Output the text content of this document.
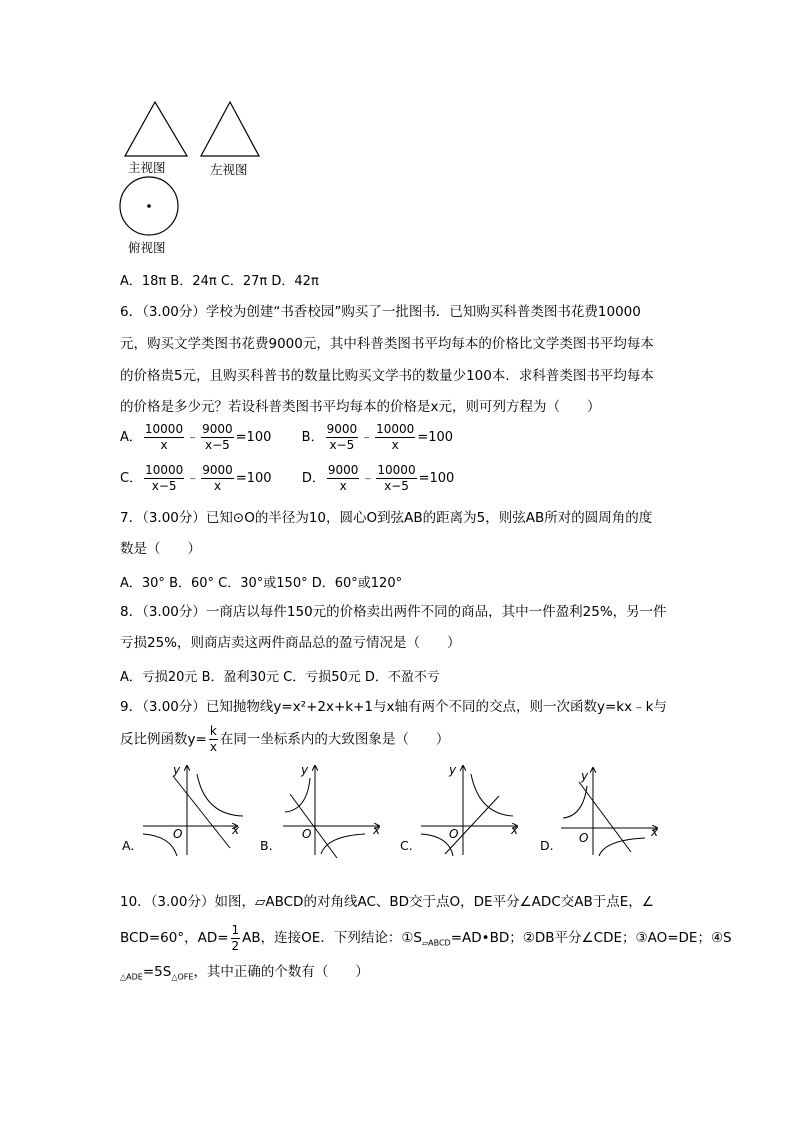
主视图	左视图
俯视图
A．18π B．24π C．27π D．42π
6．（3.00分）学校为创建“书香校园”购买了一批图书．已知购买科普类图书花费10000
元，购买文学类图书花费9000元，其中科普类图书平均每本的价格比文学类图书平均每本
的价格贵5元，且购买科普书的数量比购买文学书的数量少100本．求科普类图书平均每本
的价格是多少元？若设科普类图书平均每本的价格是x元，则可列方程为（　　）
A． $\frac{10000}{x}$ ﹣ $\frac{9000}{x-5} =100$ B． $\frac{9000}{x-5}$ ﹣ $\frac{10000}{x} =100$
C． $\frac{10000}{x-5}$ ﹣ $\frac{9000}{x} =100$ D． $\frac{9000}{x}$ ﹣ $\frac{10000}{x-5} =100$
7．（3.00分）已知⊙O的半径为10，圆心O到弦AB的距离为5，则弦AB所对的圆周角的度
数是（　　）
A．30° B．60° C．30°或150° D．60°或120°
8．（3.00分）一商店以每件150元的价格卖出两件不同的商品，其中一件盈利25%，另一件
亏损25%，则商店卖这两件商品总的盈亏情况是（　　）
A．亏损20元 B．盈利30元 C．亏损50元 D．不盈不亏
9．（3.00分）已知抛物线y=x²+2x+k+1与x轴有两个不同的交点，则一次函数y=kx﹣k与
反比例函数$y= \frac{k}{x}$ 在同一坐标系内的大致图象是（　　）
y
x
O
y
x
O
y
x
O
y
x
O
A.	B.	C.	D.
10．（3.00分）如图，▱ABCD的对角线AC、BD交于点O，DE平分∠ADC交AB于点E，∠
BCD=60°，$AD= \frac{1}{2}$ AB，连接OE．下列结论：$①S_{▱ABCD}=AD•BD$；②DB平分∠CDE；③AO=DE；④S
$_{\triangle ADE}=5S_{\triangle OFE}$，其中正确的个数有（　　）
